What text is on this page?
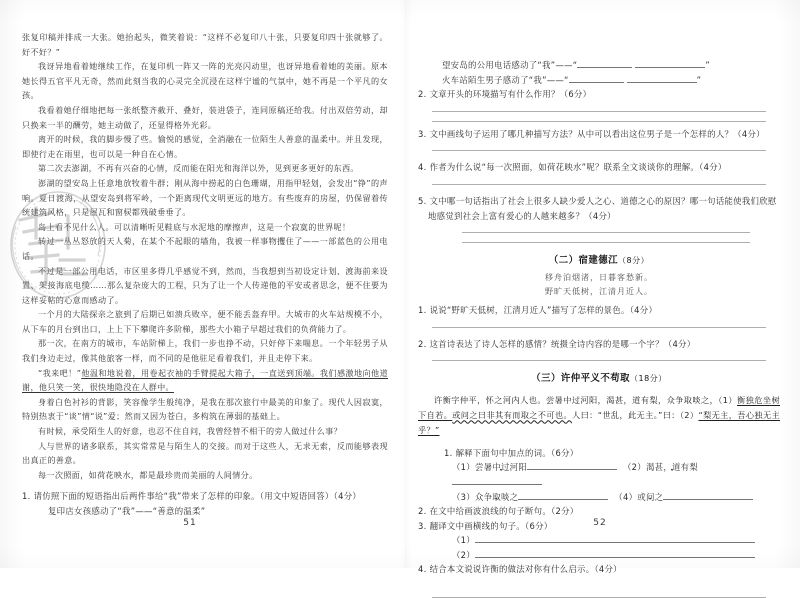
张复印稿并排成一大张。她抬起头，微笑着说：“这样不必复印八十张，只要复印四十张就够了。好不好？”

我讶异地看着她继续工作，在复印机一阵又一阵的光亮闪动里，也讶异地看着她的美丽。原本她长得五官平凡无奇，然而此刻当我的心灵完全沉浸在这样宁谧的气氛中，她不再是一个平凡的女孩。

我看着她仔细地把每一张纸整齐截开、叠好，装进袋子，连同原稿还给我。付出双倍劳动，却只换来一半的酬劳，她主动做了，还显得格外光彩。

离开的时候，我的脚步慢了些。愉悦的感觉，全消融在一位陌生人善意的温柔中。并且发现，即使行走在雨里，也可以是一种自在心情。

第二次去澎湖，不再有兴奋的心情，反而能在阳光和海洋以外，见到更多更好的东西。

澎湖的望安岛上任意地放牧着牛群；刚从海中捞起的白色珊瑚，用指甲轻划，会发出“铮”的声响。夏日渡海，从望安岛到将军岭，一个距离现代文明更远的地方。有些废弃的房屋，仍保留着传统建筑风格，只是屋瓦和窗棂都残破垂垂了。

岛上看不见什么人。可以清晰听见鞋底与水泥地的摩擦声，这是一个寂寞的世界呢！

转过一丛丛怒放的天人菊，在某个不起眼的墙角，我被一样事物攫住了——一部蓝色的公用电话。

不过是一部公用电话，市区里多得几乎感觉不到，然而，当我想到当初设定计划、渡海前来设置、架接海底电缆……那么复杂庞大的工程，只为了让一个人传递他的平安或者思念，便不住要为这样妥帖的心意而感动了。

一个月的大陆探亲之旅到了后期已如溃兵败卒，便不能丢盔弃甲。大城市的火车站规模不小，从下车的月台到出口，上上下下攀爬许多阶梯，那些大小箱子早超过我们的负荷能力了。

那一次，在南方的城市，车站阶梯上，我们一步也挣不动，只好停下来喘息。一个年轻男子从我们身边走过，像其他旅客一样，而不同的是他驻足看着我们，并且走停下来。

“我来吧！”他温和地说着，用卷起衣袖的手臂提起大箱子，一直送到顶端。我们感激地向他道谢，他只笑一笑，很快地隐没在人群中。

身着白色衬衫的背影，笑容像学生般纯净，是我在那次旅行中最美的印象了。现代人因寂寞，特别热衷于“谈”情“说”爱；然而又因为苍白，多构筑在薄弱的基础上。

有时候，承受陌生人的好意，也忍不住自问，我曾经替不相干的旁人做过什么事？

人与世界的诸多联系，其实常常是与陌生人的交接。而对于这些人，无求无索，反而能够表现出真正的善意。

每一次照面，如荷花映水，都是最珍贵而美丽的人间情分。

1. 请仿照下面的短语指出后两件事给“我”带来了怎样的印象。（用文中短语回答）（4分）

复印店女孩感动了“我”——“善意的温柔”

51

望安岛的公用电话感动了“我”——“	”

火车站陌生男子感动了“我”——“	”

2. 文章开头的环境描写有什么作用？（6分）

3. 文中画线句子运用了哪几种描写方法？从中可以看出这位男子是一个怎样的人？（4分）

4. 作者为什么说“每一次照面，如荷花映水”呢？联系全文谈谈你的理解。（4分）

5. 文中哪一句话指出了社会上很多人缺少爱人之心、道德之心的原因？哪一句话能使我们欣慰地感觉到社会上富有爱心的人越来越多？（4分）

（二）宿建德江（8分）
移舟泊烟渚，日暮客愁新。
野旷天低树，江清月近人。

1. 说说“野旷天低树，江清月近人”描写了怎样的景色。（4分）

2. 这首诗表达了诗人怎样的感情？统摄全诗内容的是哪一个字？（4分）

（三）许仲平义不苟取（18分）

许衡字仲平，怀之河内人也。尝暑中过河阳，渴甚，道有梨，众争取啖之，（1）衡独危坐树下自若。或问之曰非其有而取之不可也。人曰：“世乱，此无主。”曰：（2）“梨无主，吾心独无主乎？”

1. 解释下面句中加点的词。（6分）

（1）尝暑中过河阳 •	（2）渴甚，道有梨 •

（3）众争取啖之 •	（4）或问之

2. 在文中给画波浪线的句子断句。（2分）

3. 翻译文中画横线的句子。（6分）

（1）

（2）

4. 结合本文说说许衡的做法对你有什么启示。（4分）

52
